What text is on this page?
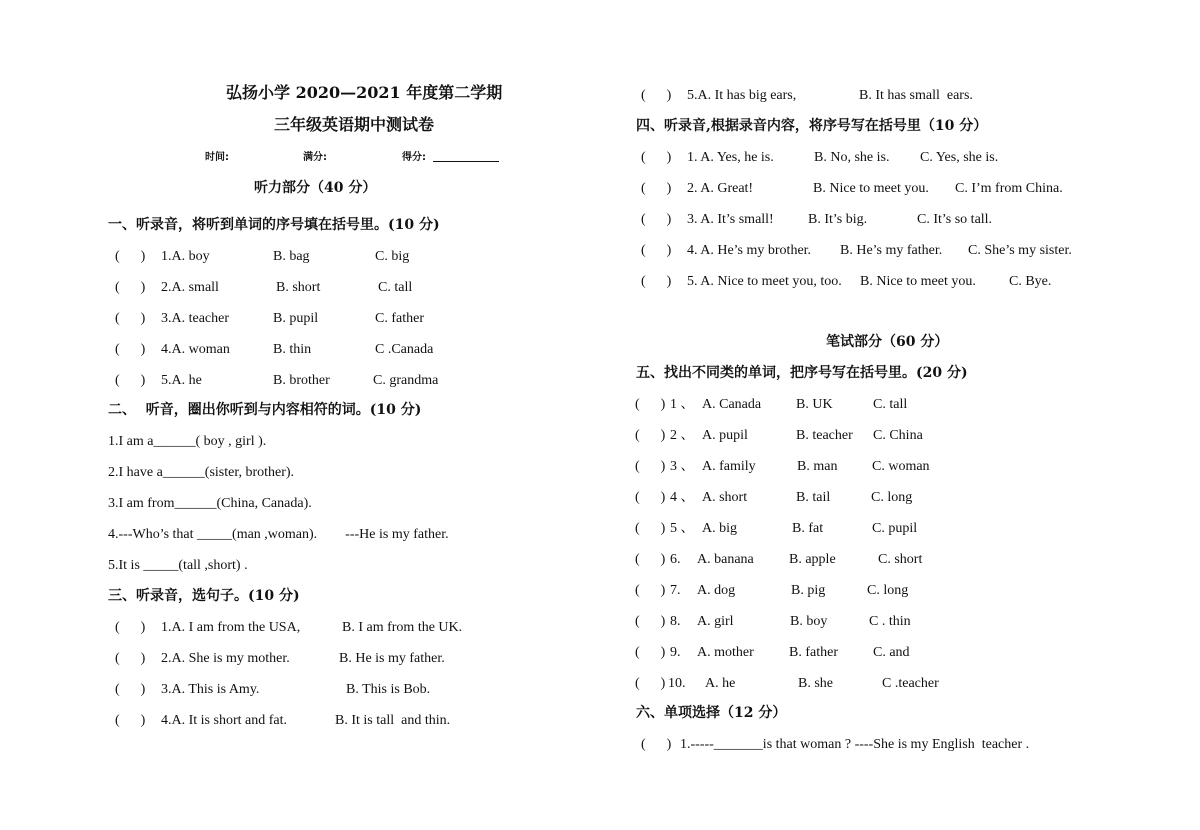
弘扬小学 2020—2021 年度第二学期
三年级英语期中测试卷
时间:	满分:	得分:
听力部分（40 分）
一、听录音，将听到单词的序号填在括号里。(10 分)
(      ) 1.A. boy	B. bag	C. big
(      ) 2.A. small	B. short	C. tall
(      ) 3.A. teacher	B. pupil	C. father
(      ) 4.A. woman	B. thin	C .Canada
(      ) 5.A. he	B. brother	C. grandma
二、  听音，圈出你听到与内容相符的词。(10 分)
1.I am a______( boy , girl ).
2.I have a______(sister, brother).
3.I am from______(China, Canada).
4.---Who’s that _____(man ,woman).        ---He is my father.
5.It is _____(tall ,short) .
三、听录音，选句子。(10 分)
(      ) 1.A. I am from the USA,	B. I am from the UK.
(      ) 2.A. She is my mother.	B. He is my father.
(      ) 3.A. This is Amy.	B. This is Bob.
(      ) 4.A. It is short and fat.	B. It is tall  and thin.
(      ) 5.A. It has big ears,	B. It has small  ears.
四、听录音,根据录音内容，将序号写在括号里（10 分）
(      ) 1. A. Yes, he is.	B. No, she is. C. Yes, she is.
(      ) 2. A. Great!	B. Nice to meet you. C. I’m from China.
(      ) 3. A. It’s small! B. It’s big.	C. It’s so tall.
(      ) 4. A. He’s my brother. B. He’s my father. C. She’s my sister.
(      ) 5. A. Nice to meet you, too. B. Nice to meet you. C. Bye.
笔试部分（60 分）
五、找出不同类的单词，把序号写在括号里。(20 分)
(      ) 1 、 A. Canada B. UK	C. tall
(      ) 2 、 A. pupil	B. teacher C. China
(      ) 3 、 A. family	B. man C. woman
(      ) 4 、 A. short	B. tail	C. long
(      ) 5 、 A. big	B. fat	C. pupil
(      ) 6. A. banana	B. apple	C. short
(      ) 7. A. dog	B. pig	C. long
(      ) 8. A. girl	B. boy	C . thin
(      ) 9. A. mother	B. father	C. and
(      ) 10. A. he	B. she	C .teacher
六、单项选择（12 分）
(      ) 1.-----_______is that woman ? ----She is my English  teacher .
